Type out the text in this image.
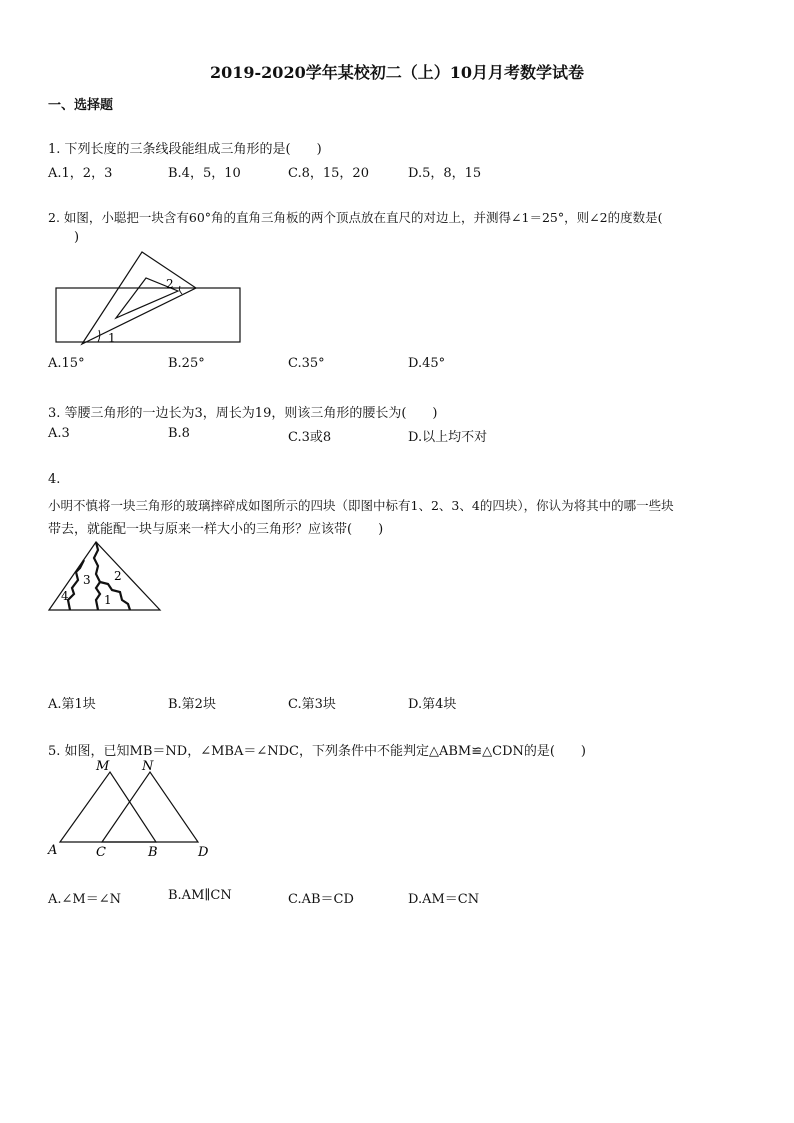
2019-2020学年某校初二（上）10月月考数学试卷
一、选择题
1. 下列长度的三条线段能组成三角形的是(　　)
A.1，2，3	B.4，5，10	C.8，15，20	D.5，8，15
2. 如图，小聪把一块含有60°角的直角三角板的两个顶点放在直尺的对边上，并测得∠1＝25°，则∠2的度数是(
)
2
1
A.15°	B.25°	C.35°	D.45°
3. 等腰三角形的一边长为3，周长为19，则该三角形的腰长为(　　)
A.3	B.8	C.3或8	D.以上均不对
4.
小明不慎将一块三角形的玻璃摔碎成如图所示的四块（即图中标有1、2、3、4的四块），你认为将其中的哪一些块
带去，就能配一块与原来一样大小的三角形？应该带(　　)
1
2
3
4
A.第1块	B.第2块	C.第3块	D.第4块
5. 如图，已知MB＝ND，∠MBA＝∠NDC，下列条件中不能判定△ABM≌△CDN的是(　　)
M	N
A	C	B	D
A.∠M＝∠N	B.AM∥CN	C.AB＝CD	D.AM＝CN
